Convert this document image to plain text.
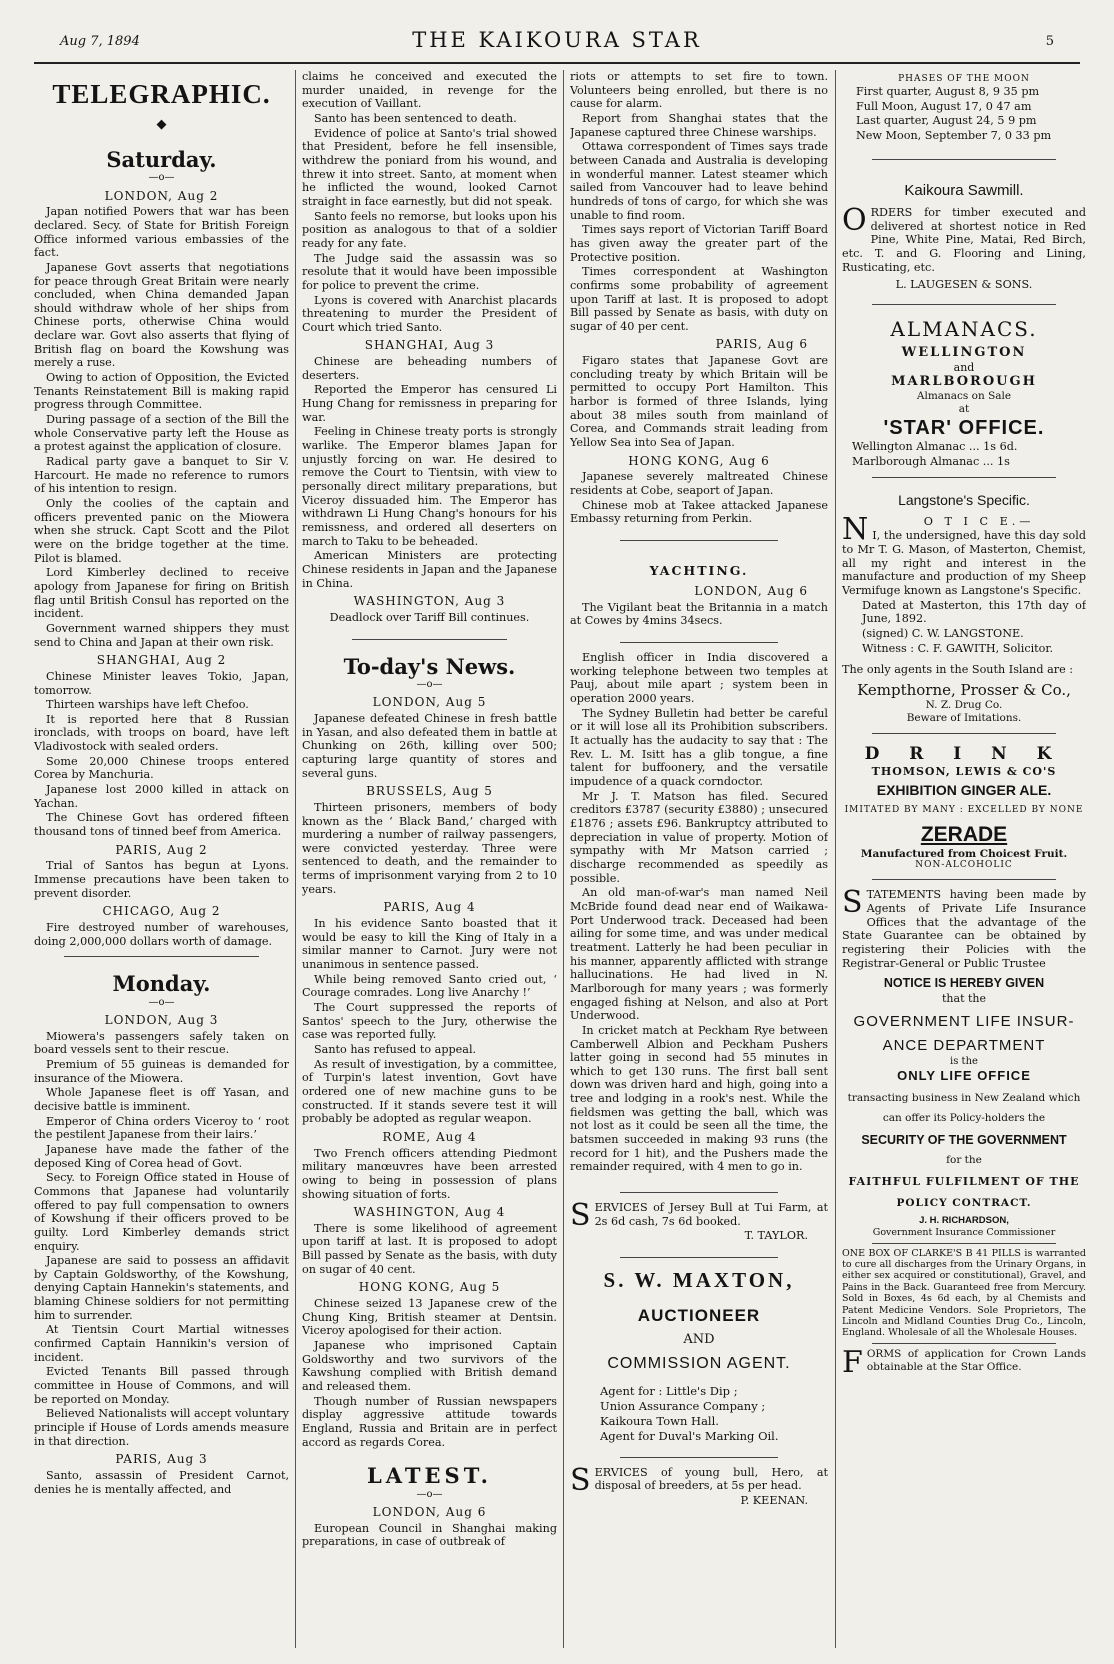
Aug 7, 1894	THE KAIKOURA STAR	5
TELEGRAPHIC.
◆
Saturday.
—o—
LONDON, Aug 2

Japan notified Powers that war has been declared. Secy. of State for British Foreign Office informed various embassies of the fact.

Japanese Govt asserts that negotiations for peace through Great Britain were nearly concluded, when China demanded Japan should withdraw whole of her ships from Chinese ports, otherwise China would declare war. Govt also asserts that flying of British flag on board the Kowshung was merely a ruse.

Owing to action of Opposition, the Evicted Tenants Reinstatement Bill is making rapid progress through Committee.

During passage of a section of the Bill the whole Conservative party left the House as a protest against the application of closure.

Radical party gave a banquet to Sir V. Harcourt. He made no reference to rumors of his intention to resign.

Only the coolies of the captain and officers prevented panic on the Miowera when she struck. Capt Scott and the Pilot were on the bridge together at the time. Pilot is blamed.

Lord Kimberley declined to receive apology from Japanese for firing on British flag until British Consul has reported on the incident.

Government warned shippers they must send to China and Japan at their own risk.

SHANGHAI, Aug 2

Chinese Minister leaves Tokio, Japan, tomorrow.

Thirteen warships have left Chefoo.

It is reported here that 8 Russian ironclads, with troops on board, have left Vladivostock with sealed orders.

Some 20,000 Chinese troops entered Corea by Manchuria.

Japanese lost 2000 killed in attack on Yachan.

The Chinese Govt has ordered fifteen thousand tons of tinned beef from America.

PARIS, Aug 2

Trial of Santos has begun at Lyons. Immense precautions have been taken to prevent disorder.

CHICAGO, Aug 2

Fire destroyed number of warehouses, doing 2,000,000 dollars worth of damage.

Monday.
—o—
LONDON, Aug 3

Miowera's passengers safely taken on board vessels sent to their rescue.

Premium of 55 guineas is demanded for insurance of the Miowera.

Whole Japanese fleet is off Yasan, and decisive battle is imminent.

Emperor of China orders Viceroy to ‘ root the pestilent Japanese from their lairs.’

Japanese have made the father of the deposed King of Corea head of Govt.

Secy. to Foreign Office stated in House of Commons that Japanese had voluntarily offered to pay full compensation to owners of Kowshung if their officers proved to be guilty. Lord Kimberley demands strict enquiry.

Japanese are said to possess an affidavit by Captain Goldsworthy, of the Kowshung, denying Captain Hannekin's statements, and blaming Chinese soldiers for not permitting him to surrender.

At Tientsin Court Martial witnesses confirmed Captain Hannikin's version of incident.

Evicted Tenants Bill passed through committee in House of Commons, and will be reported on Monday.

Believed Nationalists will accept voluntary principle if House of Lords amends measure in that direction.

PARIS, Aug 3

Santo, assassin of President Carnot, denies he is mentally affected, and

claims he conceived and executed the murder unaided, in revenge for the execution of Vaillant.

Santo has been sentenced to death.

Evidence of police at Santo's trial showed that President, before he fell insensible, withdrew the poniard from his wound, and threw it into street. Santo, at moment when he inflicted the wound, looked Carnot straight in face earnestly, but did not speak.

Santo feels no remorse, but looks upon his position as analogous to that of a soldier ready for any fate.

The Judge said the assassin was so resolute that it would have been impossible for police to prevent the crime.

Lyons is covered with Anarchist placards threatening to murder the President of Court which tried Santo.

SHANGHAI, Aug 3

Chinese are beheading numbers of deserters.

Reported the Emperor has censured Li Hung Chang for remissness in preparing for war.

Feeling in Chinese treaty ports is strongly warlike. The Emperor blames Japan for unjustly forcing on war. He desired to remove the Court to Tientsin, with view to personally direct military preparations, but Viceroy dissuaded him. The Emperor has withdrawn Li Hung Chang's honours for his remissness, and ordered all deserters on march to Taku to be beheaded.

American Ministers are protecting Chinese residents in Japan and the Japanese in China.

WASHINGTON, Aug 3

Deadlock over Tariff Bill continues.

To-day's News.
—o—
LONDON, Aug 5

Japanese defeated Chinese in fresh battle in Yasan, and also defeated them in battle at Chunking on 26th, killing over 500; capturing large quantity of stores and several guns.

BRUSSELS, Aug 5

Thirteen prisoners, members of body known as the ‘ Black Band,’ charged with murdering a number of railway passengers, were convicted yesterday. Three were sentenced to death, and the remainder to terms of imprisonment varying from 2 to 10 years.

PARIS, Aug 4

In his evidence Santo boasted that it would be easy to kill the King of Italy in a similar manner to Carnot. Jury were not unanimous in sentence passed.

While being removed Santo cried out, ‘ Courage comrades. Long live Anarchy !’

The Court suppressed the reports of Santos' speech to the Jury, otherwise the case was reported fully.

Santo has refused to appeal.

As result of investigation, by a committee, of Turpin's latest invention, Govt have ordered one of new machine guns to be constructed. If it stands severe test it will probably be adopted as regular weapon.

ROME, Aug 4

Two French officers attending Piedmont military manœuvres have been arrested owing to being in possession of plans showing situation of forts.

WASHINGTON, Aug 4

There is some likelihood of agreement upon tariff at last. It is proposed to adopt Bill passed by Senate as the basis, with duty on sugar of 40 cent.

HONG KONG, Aug 5

Chinese seized 13 Japanese crew of the Chung King, British steamer at Dentsin. Viceroy apologised for their action.

Japanese who imprisoned Captain Goldsworthy and two survivors of the Kawshung complied with British demand and released them.

Though number of Russian newspapers display aggressive attitude towards England, Russia and Britain are in perfect accord as regards Corea.

LATEST.
—o—
LONDON, Aug 6

European Council in Shanghai making preparations, in case of outbreak of

riots or attempts to set fire to town. Volunteers being enrolled, but there is no cause for alarm.

Report from Shanghai states that the Japanese captured three Chinese warships.

Ottawa correspondent of Times says trade between Canada and Australia is developing in wonderful manner. Latest steamer which sailed from Vancouver had to leave behind hundreds of tons of cargo, for which she was unable to find room.

Times says report of Victorian Tariff Board has given away the greater part of the Protective position.

Times correspondent at Washington confirms some probability of agreement upon Tariff at last. It is proposed to adopt Bill passed by Senate as basis, with duty on sugar of 40 per cent.

PARIS, Aug 6

Figaro states that Japanese Govt are concluding treaty by which Britain will be permitted to occupy Port Hamilton. This harbor is formed of three Islands, lying about 38 miles south from mainland of Corea, and Commands strait leading from Yellow Sea into Sea of Japan.

HONG KONG, Aug 6

Japanese severely maltreated Chinese residents at Cobe, seaport of Japan.

Chinese mob at Takee attacked Japanese Embassy returning from Perkin.

YACHTING.
LONDON, Aug 6

The Vigilant beat the Britannia in a match at Cowes by 4mins 34secs.

English officer in India discovered a working telephone between two temples at Pauj, about mile apart ; system been in operation 2000 years.

The Sydney Bulletin had better be careful or it will lose all its Prohibition subscribers. It actually has the audacity to say that : The Rev. L. M. Isitt has a glib tongue, a fine talent for buffoonery, and the versatile impudence of a quack corndoctor.

Mr J. T. Matson has filed. Secured creditors £3787 (security £3880) ; unsecured £1876 ; assets £96. Bankruptcy attributed to depreciation in value of property. Motion of sympathy with Mr Matson carried ; discharge recommended as speedily as possible.

An old man-of-war's man named Neil McBride found dead near end of Waikawa-Port Underwood track. Deceased had been ailing for some time, and was under medical treatment. Latterly he had been peculiar in his manner, apparently afflicted with strange hallucinations. He had lived in N. Marlborough for many years ; was formerly engaged fishing at Nelson, and also at Port Underwood.

In cricket match at Peckham Rye between Camberwell Albion and Peckham Pushers latter going in second had 55 minutes in which to get 130 runs. The first ball sent down was driven hard and high, going into a tree and lodging in a rook's nest. While the fieldsmen was getting the ball, which was not lost as it could be seen all the time, the batsmen succeeded in making 93 runs (the record for 1 hit), and the Pushers made the remainder required, with 4 men to go in.

S ERVICES of Jersey Bull at Tui Farm, at 2s 6d cash, 7s 6d booked.

T. TAYLOR.

S. W. MAXTON,
AUCTIONEER
AND
COMMISSION AGENT.

Agent for : Little's Dip ;

Union Assurance Company ;

Kaikoura Town Hall.

Agent for Duval's Marking Oil.

S ERVICES of young bull, Hero, at disposal of breeders, at 5s per head.

P. KEENAN.

PHASES OF THE MOON

First quarter, August 8, 9 35 pm

Full Moon, August 17, 0 47 am

Last quarter, August 24, 5 9 pm

New Moon, September 7, 0 33 pm

Kaikoura Sawmill.
O RDERS for timber executed and delivered at shortest notice in Red Pine, White Pine, Matai, Red Birch, etc. T. and G. Flooring and Lining, Rusticating, etc.

L. LAUGESEN & SONS.

ALMANACS.
WELLINGTON
and
MARLBOROUGH
Almanacs on Sale
at
'STAR' OFFICE.

Wellington Almanac ... 1s 6d.

Marlborough Almanac ... 1s

Langstone's Specific.
N	O T I C E.—

I, the undersigned, have this day sold to Mr T. G. Mason, of Masterton, Chemist, all my right and interest in the manufacture and production of my Sheep Vermifuge known as Langstone's Specific.

Dated at Masterton, this 17th day of June, 1892.

(signed) C. W. LANGSTONE.

Witness : C. F. GAWITH, Solicitor.

The only agents in the South Island are :

Kempthorne, Prosser & Co.,
N. Z. Drug Co.
Beware of Imitations.
D R I N K
THOMSON, LEWIS & CO'S
EXHIBITION GINGER ALE.
IMITATED BY MANY : EXCELLED BY NONE
ZERADE
Manufactured from Choicest Fruit.
NON-ALCOHOLIC
S TATEMENTS having been made by Agents of Private Life Insurance Offices that the advantage of the State Guarantee can be obtained by registering their Policies with the Registrar-General or Public Trustee

NOTICE IS HEREBY GIVEN
that the
GOVERNMENT LIFE INSUR-
ANCE DEPARTMENT
is the
ONLY LIFE OFFICE
transacting business in New Zealand which
can offer its Policy-holders the
SECURITY OF THE GOVERNMENT
for the
FAITHFUL FULFILMENT OF THE
POLICY CONTRACT.
J. H. RICHARDSON,
Government Insurance Commissioner

ONE BOX OF CLARKE'S B 41 PILLS is warranted to cure all discharges from the Urinary Organs, in either sex acquired or constitutional), Gravel, and Pains in the Back. Guaranteed free from Mercury. Sold in Boxes, 4s 6d each, by al Chemists and Patent Medicine Vendors. Sole Proprietors, The Lincoln and Midland Counties Drug Co., Lincoln, England. Wholesale of all the Wholesale Houses.

F ORMS of application for Crown Lands obtainable at the Star Office.
